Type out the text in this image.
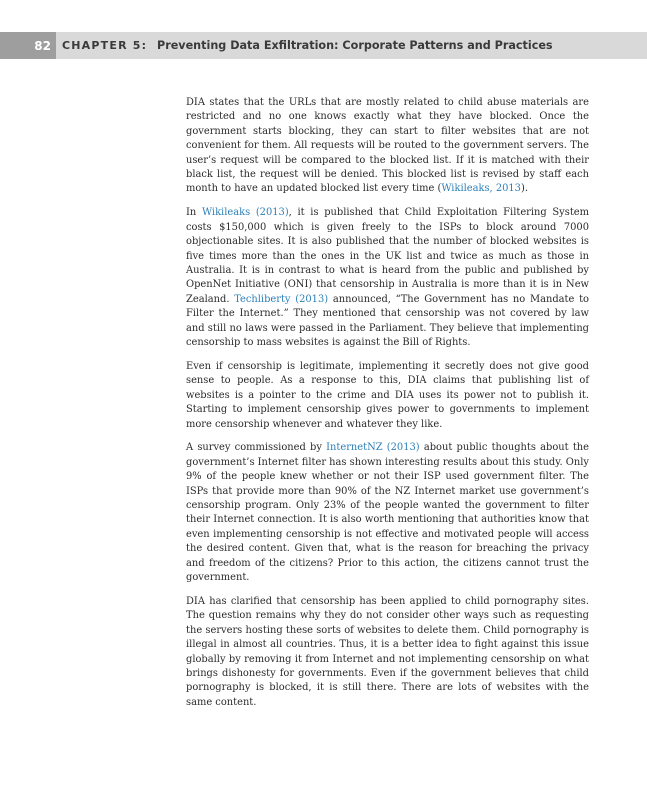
82	CHAPTER 5: Preventing Data Exfiltration: Corporate Patterns and Practices

DIA states that the URLs that are mostly related to child abuse materials are restricted and no one knows exactly what they have blocked. Once the government starts blocking, they can start to filter websites that are not convenient for them. All requests will be routed to the government servers. The user’s request will be compared to the blocked list. If it is matched with their black list, the request will be denied. This blocked list is revised by staff each month to have an updated blocked list every time (Wikileaks, 2013).

In Wikileaks (2013), it is published that Child Exploitation Filtering System costs $150,000 which is given freely to the ISPs to block around 7000 objectionable sites. It is also published that the number of blocked websites is five times more than the ones in the UK list and twice as much as those in Australia. It is in contrast to what is heard from the public and published by OpenNet Initiative (ONI) that censorship in Australia is more than it is in New Zealand. Techliberty (2013) announced, “The Government has no Mandate to Filter the Internet.” They mentioned that censorship was not covered by law and still no laws were passed in the Parliament. They believe that implementing censorship to mass websites is against the Bill of Rights.

Even if censorship is legitimate, implementing it secretly does not give good sense to people. As a response to this, DIA claims that publishing list of websites is a pointer to the crime and DIA uses its power not to publish it. Starting to implement censorship gives power to governments to implement more censorship whenever and whatever they like.

A survey commissioned by InternetNZ (2013) about public thoughts about the government’s Internet filter has shown interesting results about this study. Only 9% of the people knew whether or not their ISP used government filter. The ISPs that provide more than 90% of the NZ Internet market use government’s censorship program. Only 23% of the people wanted the government to filter their Internet connection. It is also worth mentioning that authorities know that even implementing censorship is not effective and motivated people will access the desired content. Given that, what is the reason for breaching the privacy and freedom of the citizens? Prior to this action, the citizens cannot trust the government.

DIA has clarified that censorship has been applied to child pornography sites. The question remains why they do not consider other ways such as requesting the servers hosting these sorts of websites to delete them. Child pornography is illegal in almost all countries. Thus, it is a better idea to fight against this issue globally by removing it from Internet and not implementing censorship on what brings dishonesty for governments. Even if the government believes that child pornography is blocked, it is still there. There are lots of websites with the same content.
